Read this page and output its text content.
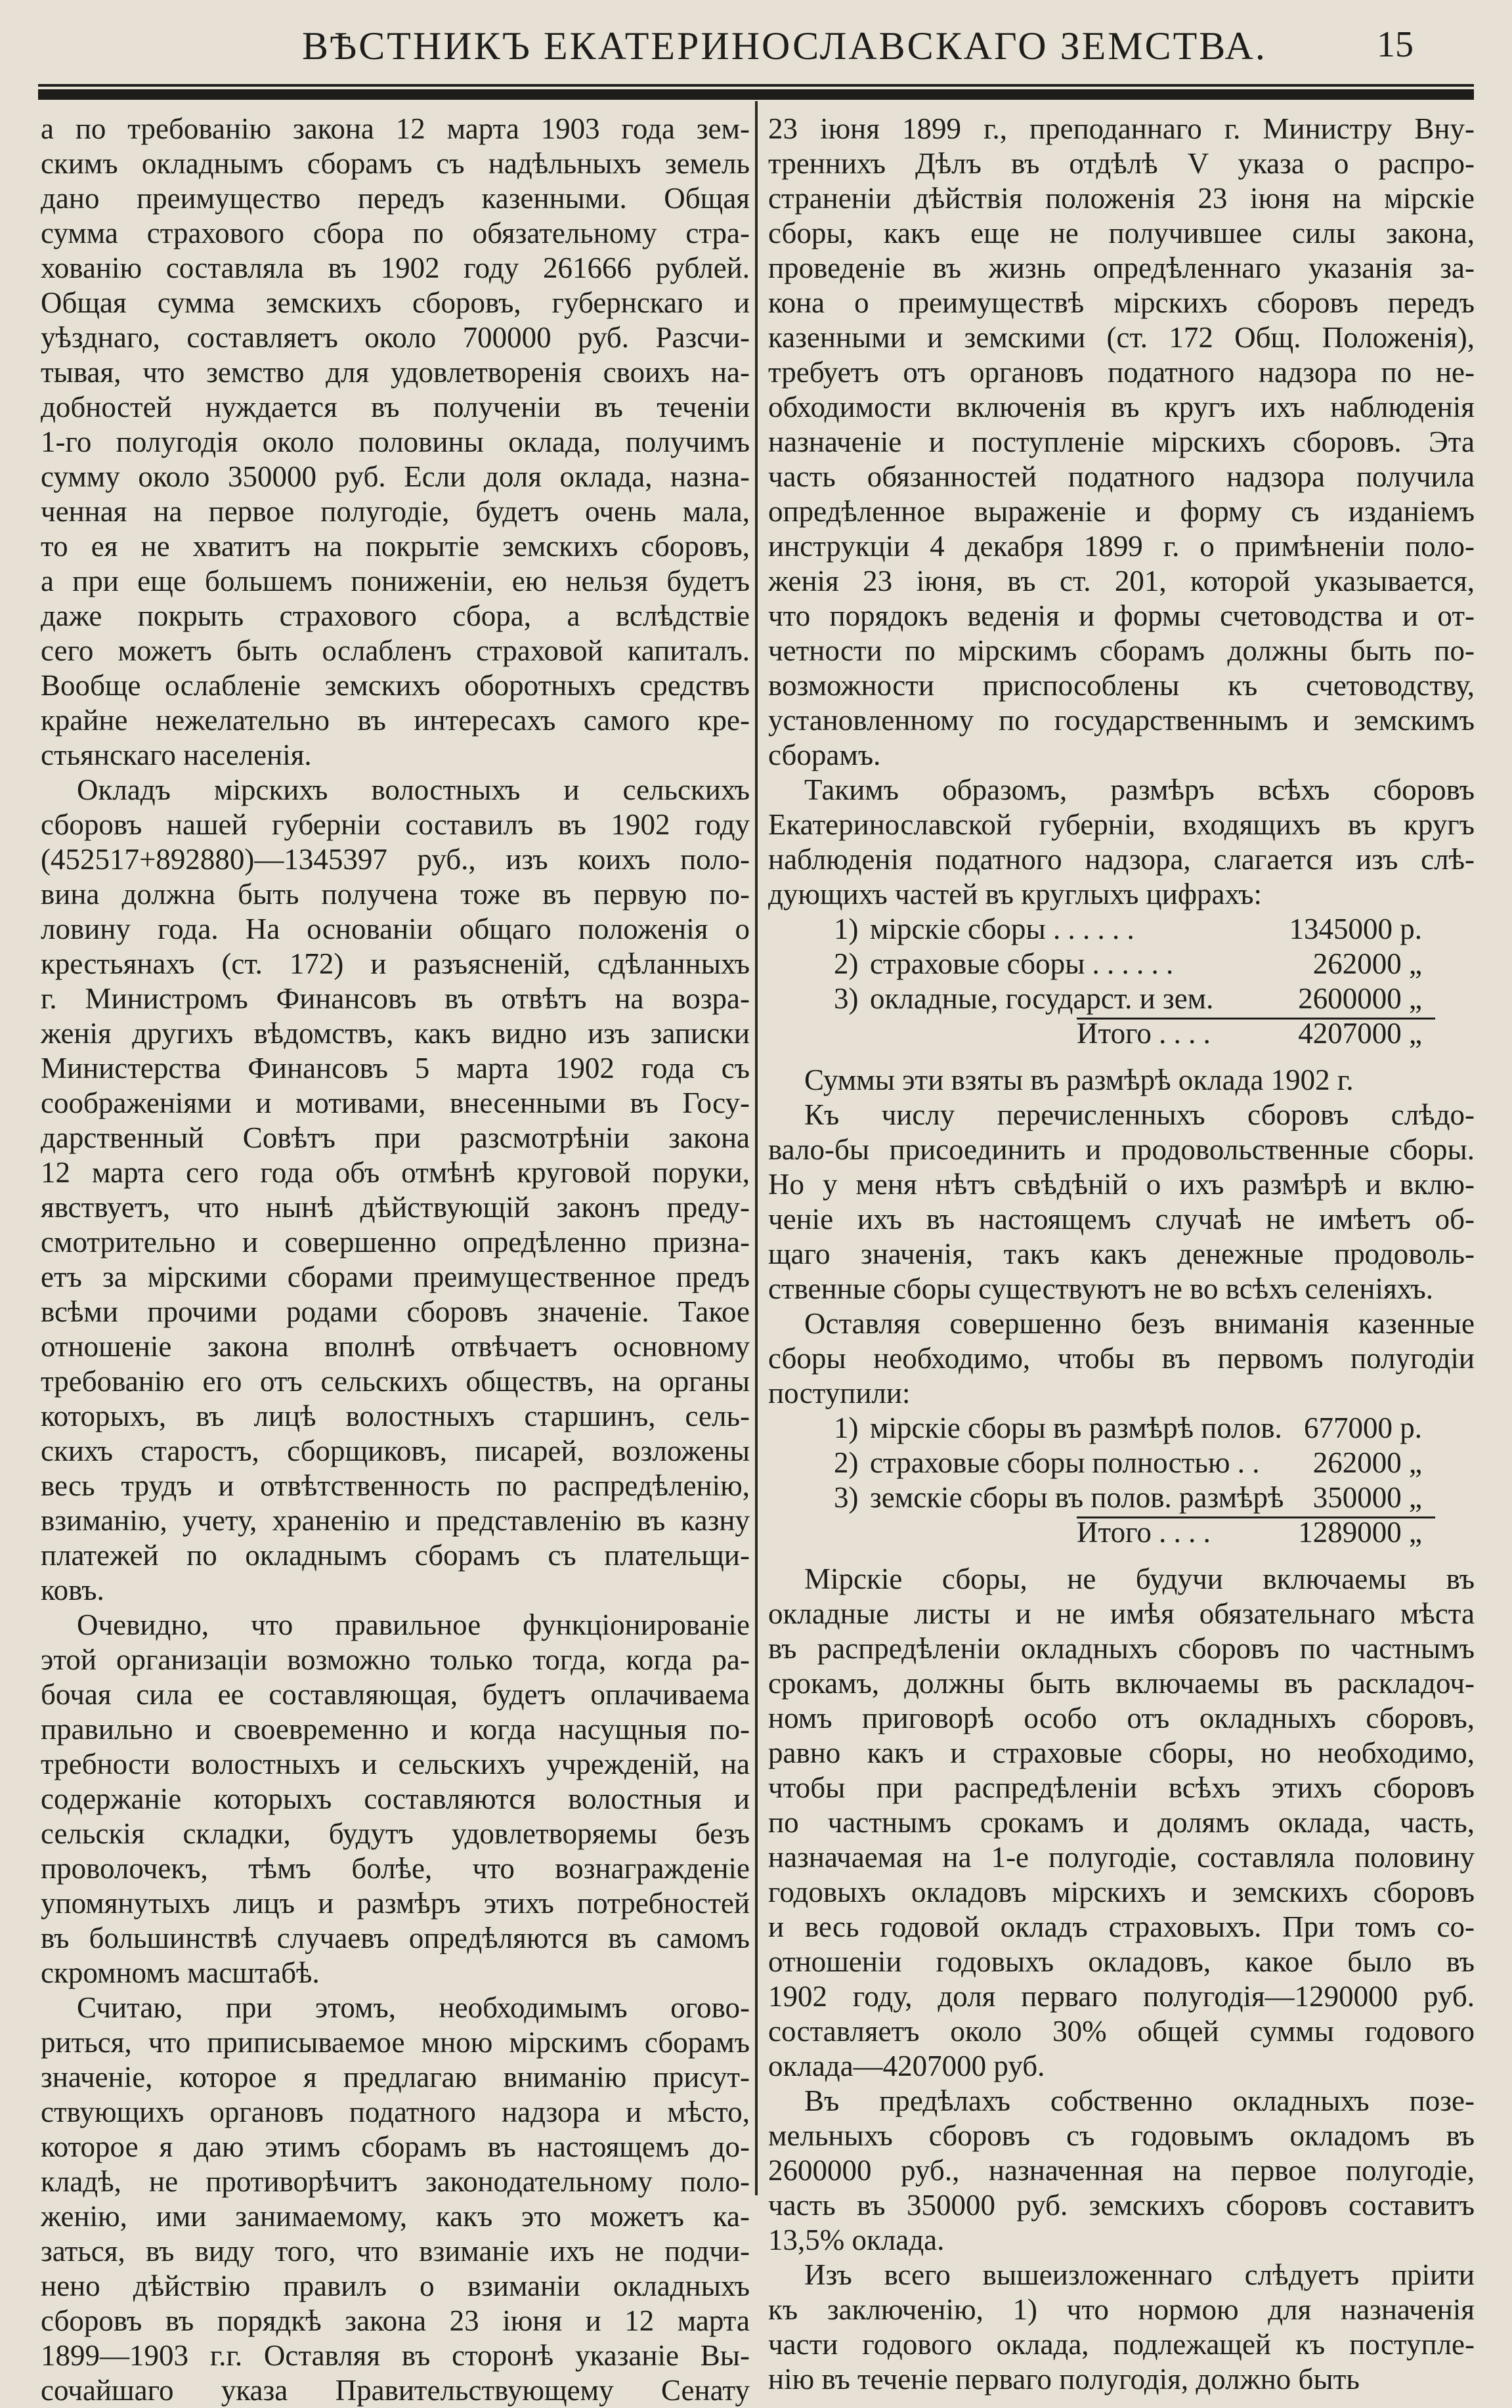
ВѢСТНИКЪ ЕКАТЕРИНОСЛАВСКАГО ЗЕМСТВА.	15
а по требованію закона 12 марта 1903 года зем-
скимъ окладнымъ сборамъ съ надѣльныхъ земель
дано преимущество передъ казенными. Общая
сумма страхового сбора по обязательному стра-
хованію составляла въ 1902 году 261666 рублей.
Общая сумма земскихъ сборовъ, губернскаго и
уѣзднаго, составляетъ около 700000 руб. Разсчи-
тывая, что земство для удовлетворенія своихъ на-
добностей нуждается въ полученіи въ теченіи
1-го полугодія около половины оклада, получимъ
сумму около 350000 руб. Если доля оклада, назна-
ченная на первое полугодіе, будетъ очень мала,
то ея не хватитъ на покрытіе земскихъ сборовъ,
а при еще большемъ пониженіи, ею нельзя будетъ
даже покрыть страхового сбора, а вслѣдствіе
сего можетъ быть ослабленъ страховой капиталъ.
Вообще ослабленіе земскихъ оборотныхъ средствъ
крайне нежелательно въ интересахъ самого кре-
стьянскаго населенія.
Окладъ мірскихъ волостныхъ и сельскихъ
сборовъ нашей губерніи составилъ въ 1902 году
(452517+892880)—1345397 руб., изъ коихъ поло-
вина должна быть получена тоже въ первую по-
ловину года. На основаніи общаго положенія о
крестьянахъ (ст. 172) и разъясненій, сдѣланныхъ
г. Министромъ Финансовъ въ отвѣтъ на возра-
женія другихъ вѣдомствъ, какъ видно изъ записки
Министерства Финансовъ 5 марта 1902 года съ
соображеніями и мотивами, внесенными въ Госу-
дарственный Совѣтъ при разсмотрѣніи закона
12 марта сего года объ отмѣнѣ круговой поруки,
явствуетъ, что нынѣ дѣйствующій законъ преду-
смотрительно и совершенно опредѣленно призна-
етъ за мірскими сборами преимущественное предъ
всѣми прочими родами сборовъ значеніе. Такое
отношеніе закона вполнѣ отвѣчаетъ основному
требованію его отъ сельскихъ обществъ, на органы
которыхъ, въ лицѣ волостныхъ старшинъ, сель-
скихъ старостъ, сборщиковъ, писарей, возложены
весь трудъ и отвѣтственность по распредѣленію,
взиманію, учету, храненію и представленію въ казну
платежей по окладнымъ сборамъ съ плательщи-
ковъ.
Очевидно, что правильное функціонированіе
этой организаціи возможно только тогда, когда ра-
бочая сила ее составляющая, будетъ оплачиваема
правильно и своевременно и когда насущныя по-
требности волостныхъ и сельскихъ учрежденій, на
содержаніе которыхъ составляются волостныя и
сельскія складки, будутъ удовлетворяемы безъ
проволочекъ, тѣмъ болѣе, что вознагражденіе
упомянутыхъ лицъ и размѣръ этихъ потребностей
въ большинствѣ случаевъ опредѣляются въ самомъ
скромномъ масштабѣ.
Считаю, при этомъ, необходимымъ огово-
риться, что приписываемое мною мірскимъ сборамъ
значеніе, которое я предлагаю вниманію присут-
ствующихъ органовъ податного надзора и мѣсто,
которое я даю этимъ сборамъ въ настоящемъ до-
кладѣ, не противорѣчитъ законодательному поло-
женію, ими занимаемому, какъ это можетъ ка-
заться, въ виду того, что взиманіе ихъ не подчи-
нено дѣйствію правилъ о взиманіи окладныхъ
сборовъ въ порядкѣ закона 23 іюня и 12 марта
1899—1903 г.г. Оставляя въ сторонѣ указаніе Вы-
сочайшаго указа Правительствующему Сенату
23 іюня 1899 г., преподаннаго г. Министру Вну-
треннихъ Дѣлъ въ отдѣлѣ V указа о распро-
страненіи дѣйствія положенія 23 іюня на мірскіе
сборы, какъ еще не получившее силы закона,
проведеніе въ жизнь опредѣленнаго указанія за-
кона о преимуществѣ мірскихъ сборовъ передъ
казенными и земскими (ст. 172 Общ. Положенія),
требуетъ отъ органовъ податного надзора по не-
обходимости включенія въ кругъ ихъ наблюденія
назначеніе и поступленіе мірскихъ сборовъ. Эта
часть обязанностей податного надзора получила
опредѣленное выраженіе и форму съ изданіемъ
инструкціи 4 декабря 1899 г. о примѣненіи поло-
женія 23 іюня, въ ст. 201, которой указывается,
что порядокъ веденія и формы счетоводства и от-
четности по мірскимъ сборамъ должны быть по-
возможности приспособлены къ счетоводству,
установленному по государственнымъ и земскимъ
сборамъ.
Такимъ образомъ, размѣръ всѣхъ сборовъ
Екатеринославской губерніи, входящихъ въ кругъ
наблюденія податного надзора, слагается изъ слѣ-
дующихъ частей въ круглыхъ цифрахъ:
1) мірскіе сборы . . . . . .	1345000 р.
2) страховые сборы . . . . . .	262000 „
3) окладные, государст. и зем.	2600000 „
Итого . . . .	4207000 „
Суммы эти взяты въ размѣрѣ оклада 1902 г.
Къ числу перечисленныхъ сборовъ слѣдо-
вало-бы присоединить и продовольственные сборы.
Но у меня нѣтъ свѣдѣній о ихъ размѣрѣ и вклю-
ченіе ихъ въ настоящемъ случаѣ не имѣетъ об-
щаго значенія, такъ какъ денежные продоволь-
ственные сборы существуютъ не во всѣхъ селеніяхъ.
Оставляя совершенно безъ вниманія казенные
сборы необходимо, чтобы въ первомъ полугодіи
поступили:
1) мірскіе сборы въ размѣрѣ полов. 677000 р.
2) страховые сборы полностью . . 262000 „
3) земскіе сборы въ полов. размѣрѣ 350000 „
Итого . . . .	1289000 „
Мірскіе сборы, не будучи включаемы въ
окладные листы и не имѣя обязательнаго мѣста
въ распредѣленіи окладныхъ сборовъ по частнымъ
срокамъ, должны быть включаемы въ раскладоч-
номъ приговорѣ особо отъ окладныхъ сборовъ,
равно какъ и страховые сборы, но необходимо,
чтобы при распредѣленіи всѣхъ этихъ сборовъ
по частнымъ срокамъ и долямъ оклада, часть,
назначаемая на 1-е полугодіе, составляла половину
годовыхъ окладовъ мірскихъ и земскихъ сборовъ
и весь годовой окладъ страховыхъ. При томъ со-
отношеніи годовыхъ окладовъ, какое было въ
1902 году, доля перваго полугодія—1290000 руб.
составляетъ около 30% общей суммы годового
оклада—4207000 руб.
Въ предѣлахъ собственно окладныхъ позе-
мельныхъ сборовъ съ годовымъ окладомъ въ
2600000 руб., назначенная на первое полугодіе,
часть въ 350000 руб. земскихъ сборовъ составитъ
13,5% оклада.
Изъ всего вышеизложеннаго слѣдуетъ пріити
къ заключенію, 1) что нормою для назначенія
части годового оклада, подлежащей къ поступле-
нію въ теченіе перваго полугодія, должно быть
